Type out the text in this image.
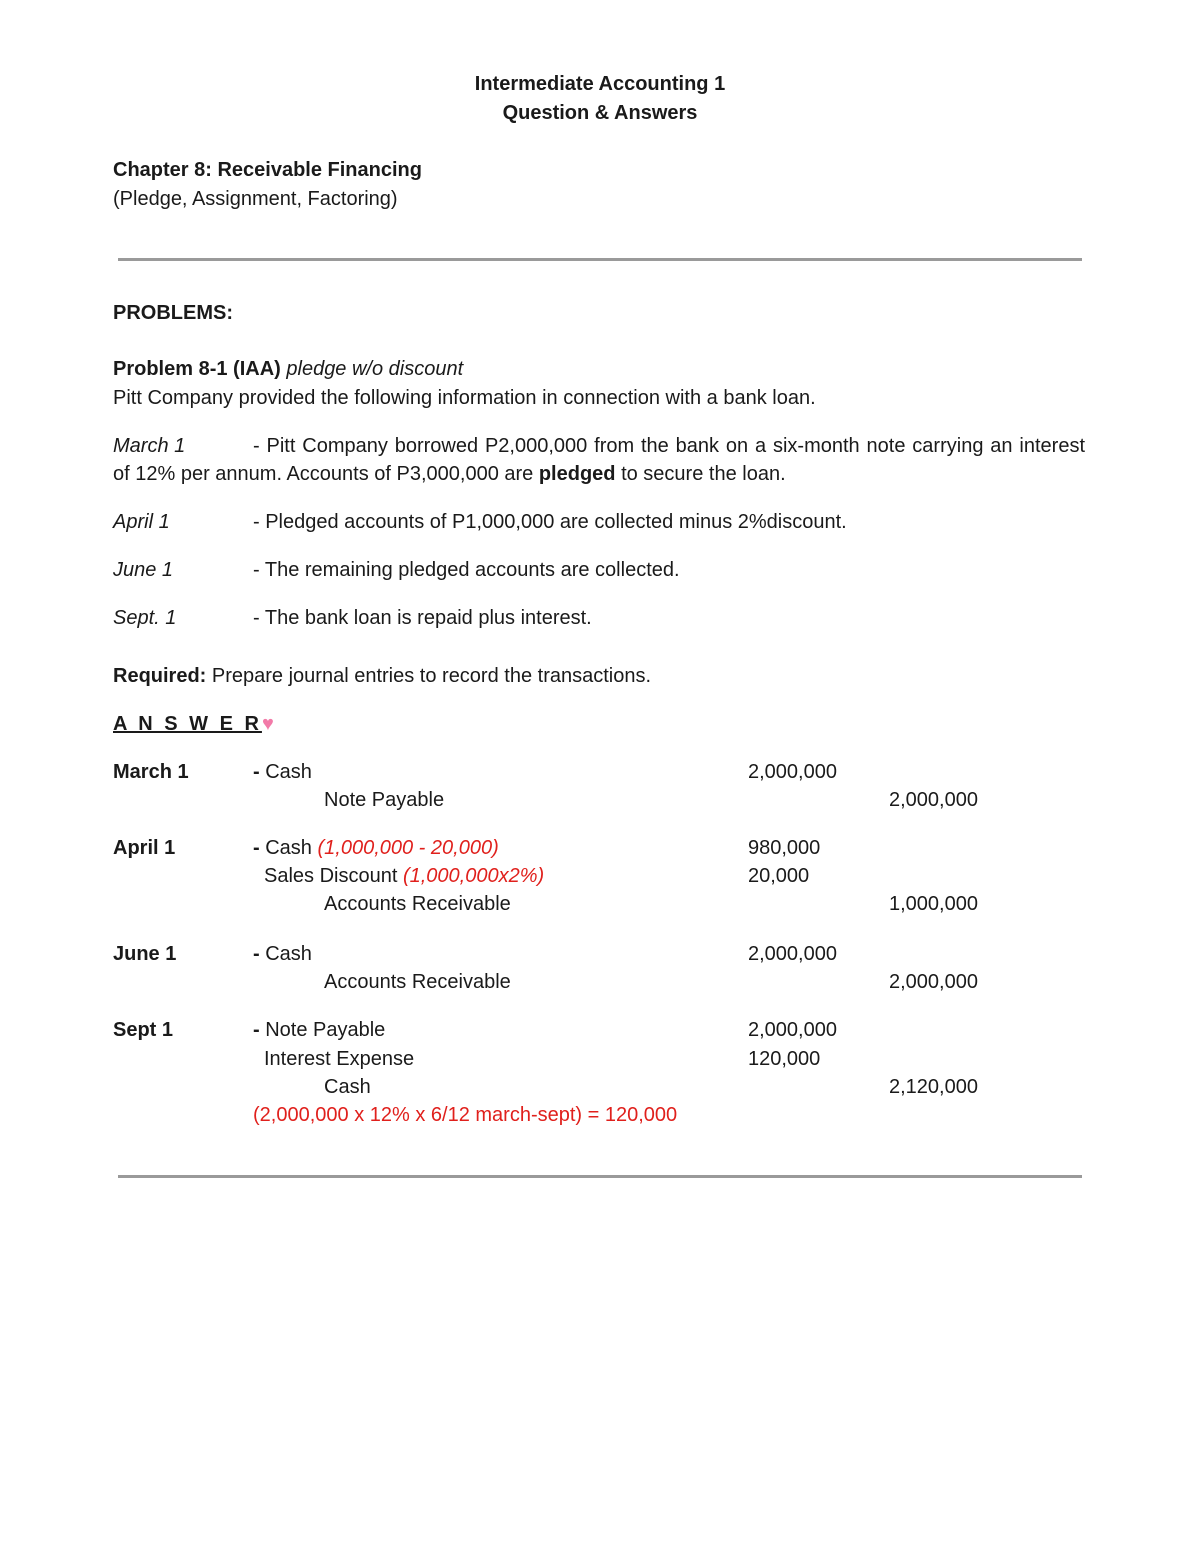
Intermediate Accounting 1
Question & Answers
Chapter 8: Receivable Financing
(Pledge, Assignment, Factoring)
PROBLEMS:
Problem 8-1 (IAA) pledge w/o discount
Pitt Company provided the following information in connection with a bank loan.
March 1	- Pitt Company borrowed P2,000,000 from the bank on a six-month note carrying an interest of 12% per annum. Accounts of P3,000,000 are pledged to secure the loan.
April 1	- Pledged accounts of P1,000,000 are collected minus 2%discount.
June 1	- The remaining pledged accounts are collected.
Sept. 1	- The bank loan is repaid plus interest.
Required: Prepare journal entries to record the transactions.
A N S W E R♥
March 1	- Cash	2,000,000
Note Payable	2,000,000
April 1	- Cash (1,000,000 - 20,000)	980,000
Sales Discount (1,000,000x2%)	20,000
Accounts Receivable	1,000,000
June 1	- Cash	2,000,000
Accounts Receivable	2,000,000
Sept 1	- Note Payable	2,000,000
Interest Expense	120,000
Cash	2,120,000
(2,000,000 x 12% x 6/12 march-sept) = 120,000
